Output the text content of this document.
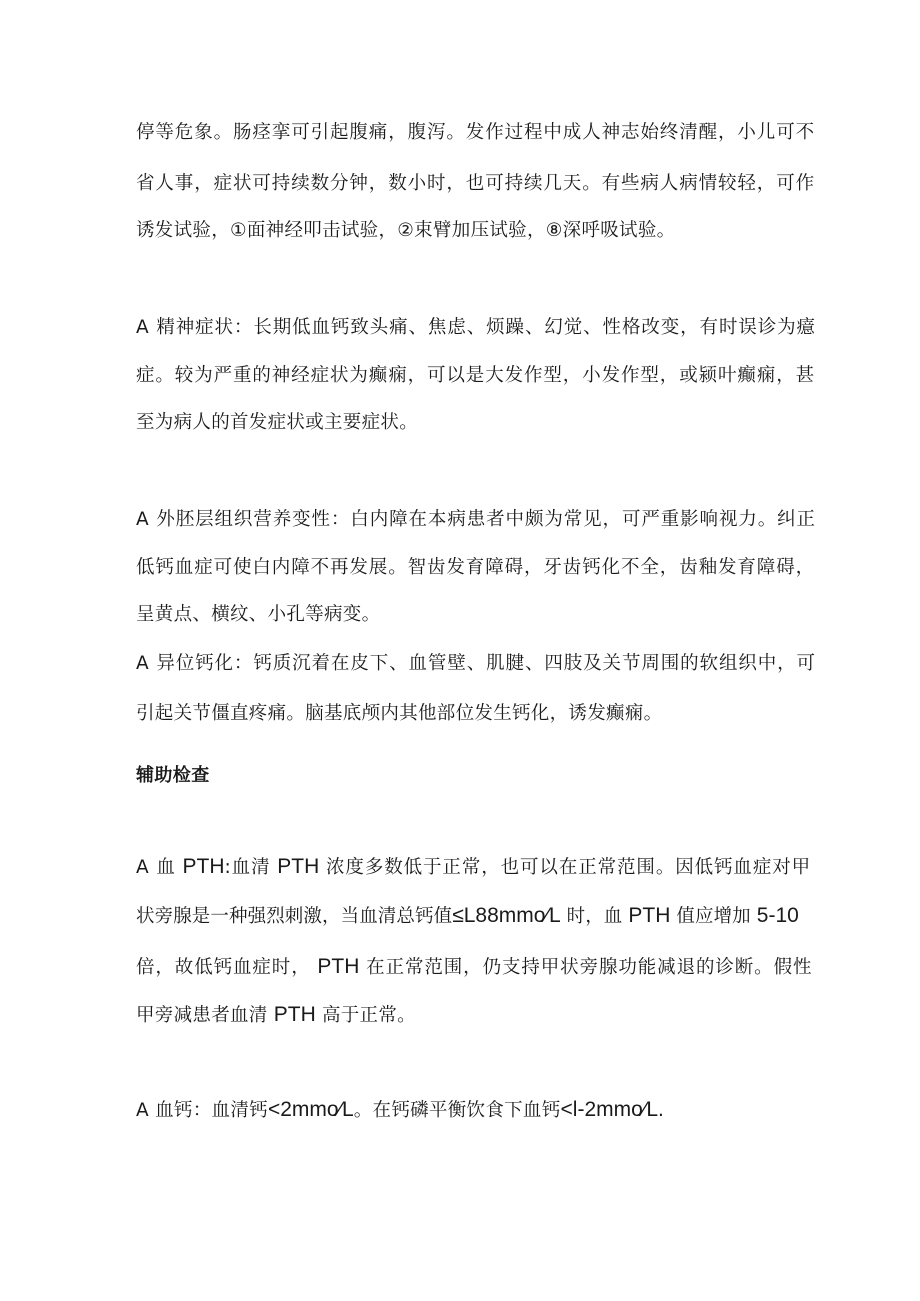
停等危象。肠痉挛可引起腹痛，腹泻。发作过程中成人神志始终清醒，小儿可不
省人事，症状可持续数分钟，数小时，也可持续几天。有些病人病情较轻，可作
诱发试验，①面神经叩击试验，②束臂加压试验，⑧深呼吸试验。
A 精神症状：长期低血钙致头痛、焦虑、烦躁、幻觉、性格改变，有时误诊为癔
症。较为严重的神经症状为癫痫，可以是大发作型，小发作型，或颍叶癫痫，甚
至为病人的首发症状或主要症状。
A 外胚层组织营养变性：白内障在本病患者中颇为常见，可严重影响视力。纠正
低钙血症可使白内障不再发展。智齿发育障碍，牙齿钙化不全，齿釉发育障碍，
呈黄点、横纹、小孔等病变。
A 异位钙化：钙质沉着在皮下、血管壁、肌腱、四肢及关节周围的软组织中，可
引起关节僵直疼痛。脑基底颅内其他部位发生钙化，诱发癫痫。
辅助检查
A 血 PTH:血清 PTH 浓度多数低于正常，也可以在正常范围。因低钙血症对甲
状旁腺是一种强烈刺激，当血清总钙值≤L88mmo⁄L 时，血 PTH 值应增加 5-10
倍，故低钙血症时， PTH 在正常范围，仍支持甲状旁腺功能减退的诊断。假性
甲旁减患者血清 PTH 高于正常。
A 血钙：血清钙<2mmo⁄L。在钙磷平衡饮食下血钙<l-2mmo⁄L.
